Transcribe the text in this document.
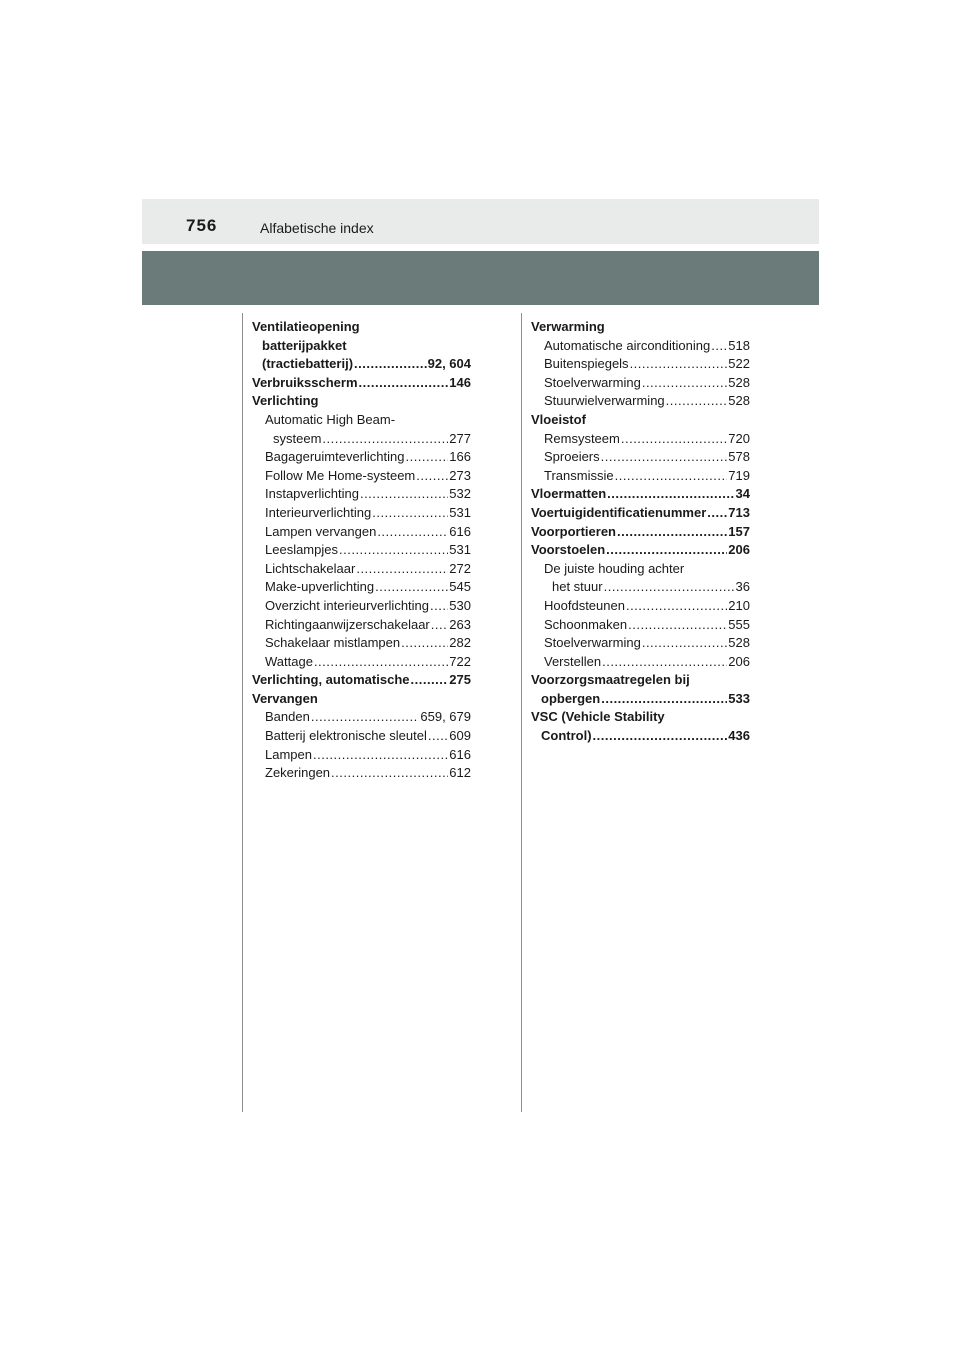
756	Alfabetische index
Ventilatieopening
batterijpakket
(tractiebatterij) .....	92, 604
Verbruiksscherm .....	146
Verlichting
Automatic High Beam-
systeem .....	277
Bagageruimteverlichting .....	166
Follow Me Home-systeem .....	273
Instapverlichting .....	532
Interieurverlichting .....	531
Lampen vervangen .....	616
Leeslampjes .....	531
Lichtschakelaar .....	272
Make-upverlichting .....	545
Overzicht interieurverlichting ..... 530
Richtingaanwijzerschakelaar ..... 263
Schakelaar mistlampen .....	282
Wattage .....	722
Verlichting, automatische .....	275
Vervangen
Banden .....	659, 679
Batterij elektronische sleutel ..... 609
Lampen .....	616
Zekeringen .....	612
Verwarming
Automatische airconditioning ..... 518
Buitenspiegels .....	522
Stoelverwarming .....	528
Stuurwielverwarming .....	528
Vloeistof
Remsysteem .....	720
Sproeiers .....	578
Transmissie .....	719
Vloermatten .....	34
Voertuigidentificatienummer ..... 713
Voorportieren .....	157
Voorstoelen .....	206
De juiste houding achter
het stuur .....	36
Hoofdsteunen .....	210
Schoonmaken .....	555
Stoelverwarming .....	528
Verstellen .....	206
Voorzorgsmaatregelen bij
opbergen .....	533
VSC (Vehicle Stability
Control) .....	436
